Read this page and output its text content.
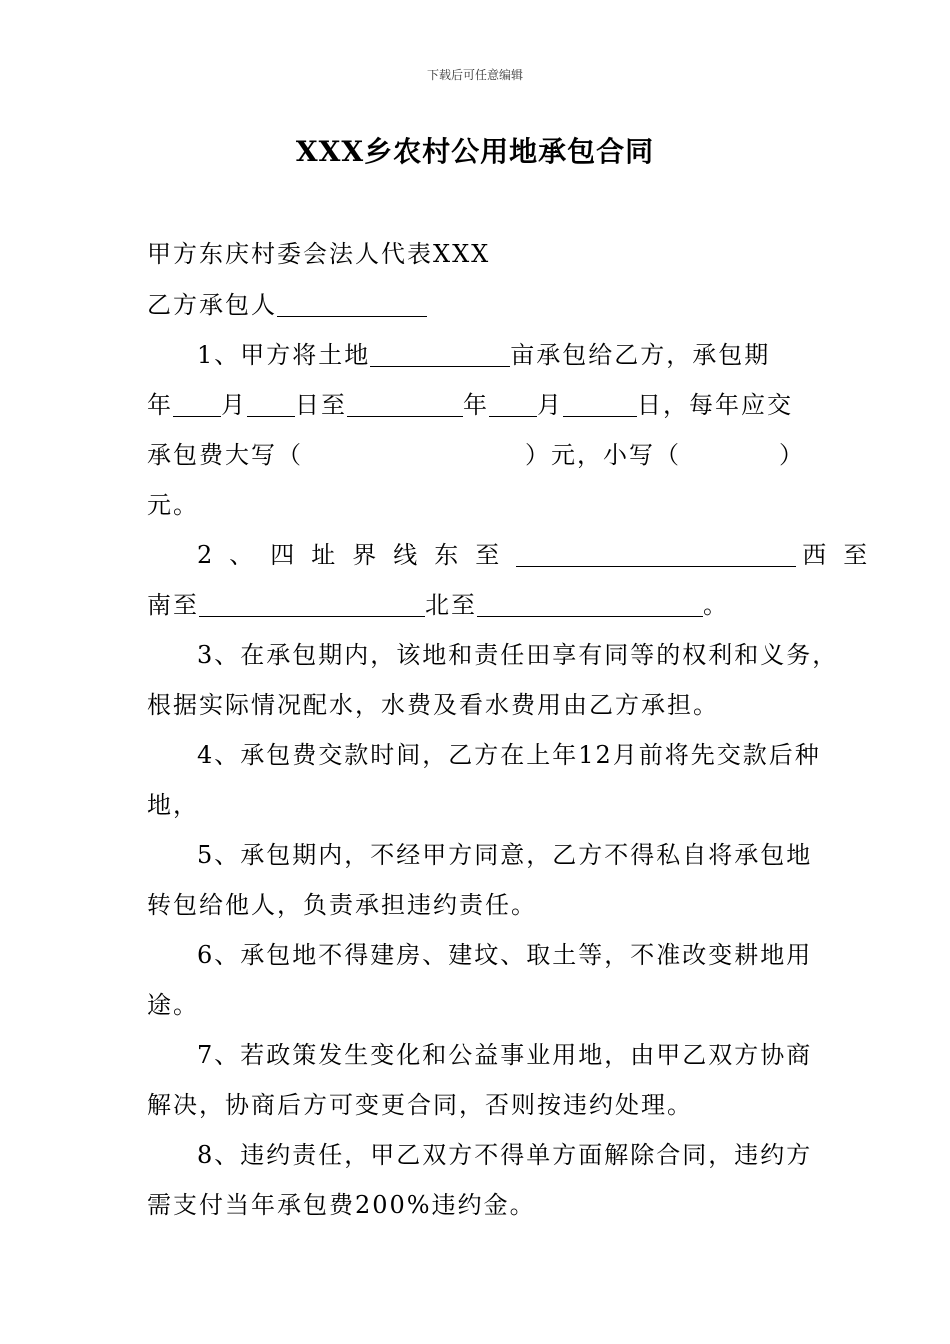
下载后可任意编辑
XXX乡农村公用地承包合同
甲方东庆村委会法人代表XXX
乙方承包人
1、甲方将土地	亩承包给乙方，承包期
年 月 日至	年 月	日，每年应交
承包费大写（	）元，小写（	）
元。
2、四址界线东至	西至
南至	北至	。
3、在承包期内，该地和责任田享有同等的权利和义务，
根据实际情况配水，水费及看水费用由乙方承担。
4、承包费交款时间，乙方在上年12月前将先交款后种
地，
5、承包期内，不经甲方同意，乙方不得私自将承包地
转包给他人，负责承担违约责任。
6、承包地不得建房、建坟、取土等，不准改变耕地用
途。
7、若政策发生变化和公益事业用地，由甲乙双方协商
解决，协商后方可变更合同，否则按违约处理。
8、违约责任，甲乙双方不得单方面解除合同，违约方
需支付当年承包费200%违约金。
